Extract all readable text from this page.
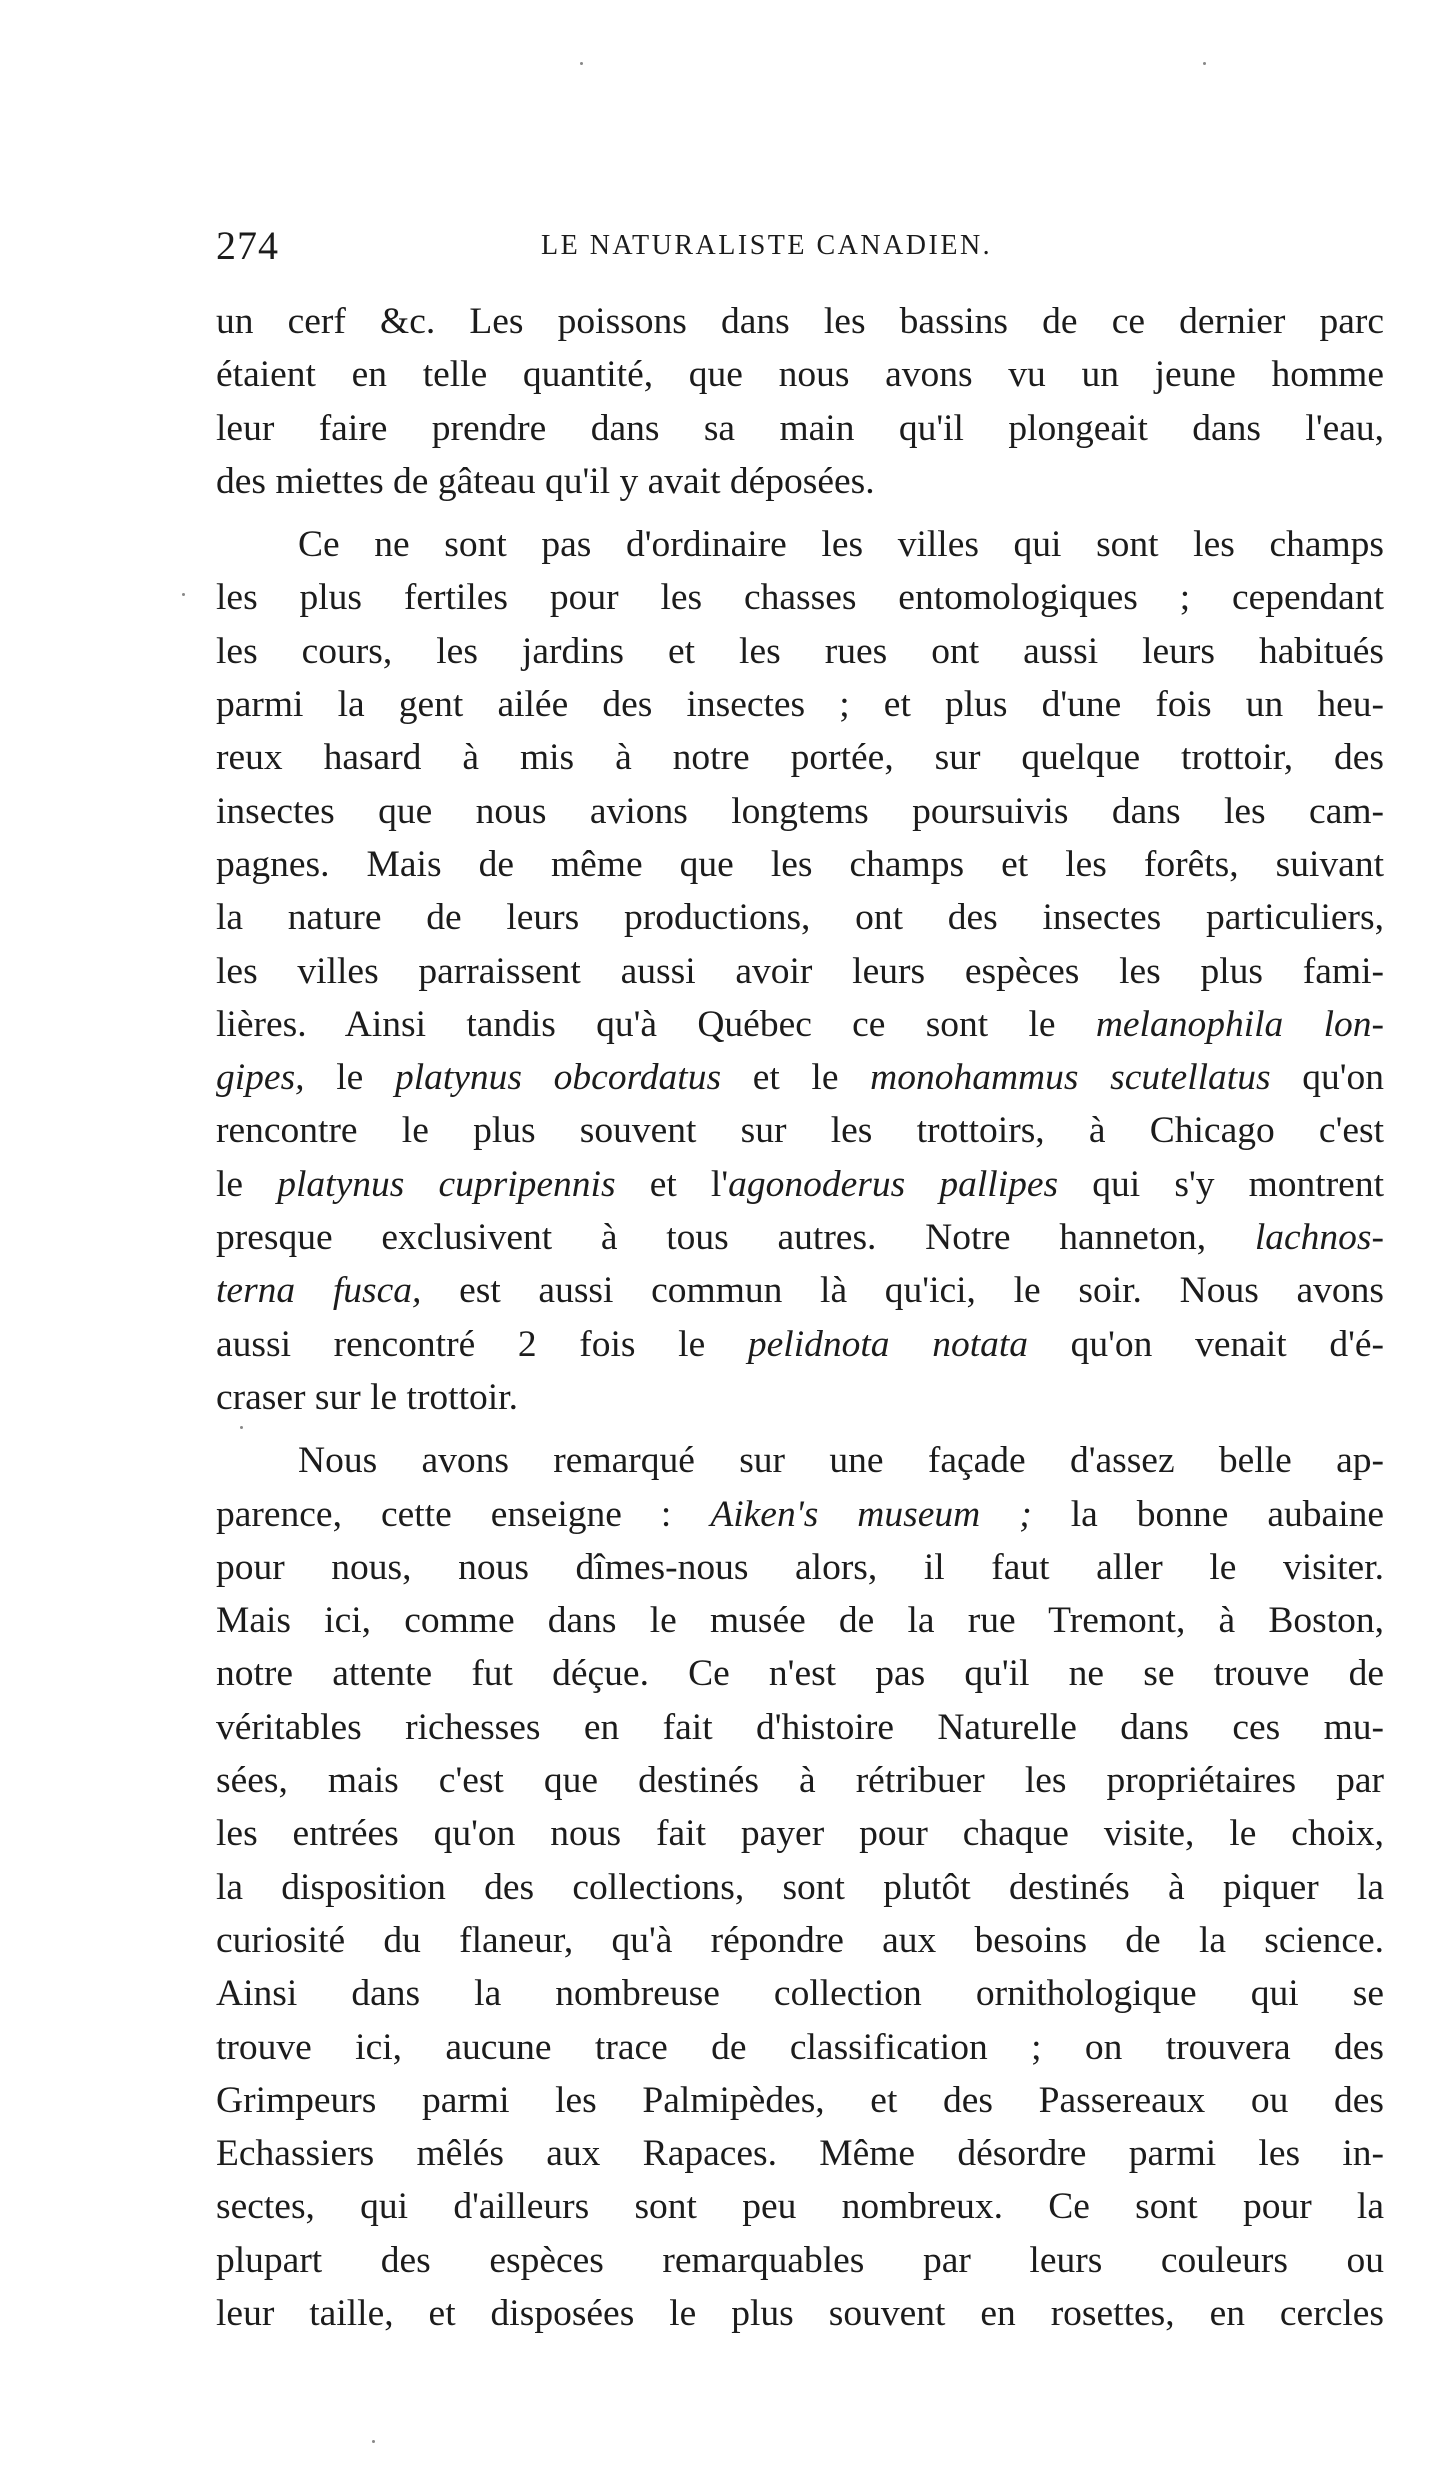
274	LE NATURALISTE CANADIEN.

un cerf &c. Les poissons dans les bassins de ce dernier parc
étaient en telle quantité, que nous avons vu un jeune homme
leur faire prendre dans sa main qu'il plongeait dans l'eau,
des miettes de gâteau qu'il y avait déposées.

Ce ne sont pas d'ordinaire les villes qui sont les champs
les plus fertiles pour les chasses entomologiques ; cependant
les cours, les jardins et les rues ont aussi leurs habitués
parmi la gent ailée des insectes ; et plus d'une fois un heu-
reux hasard à mis à notre portée, sur quelque trottoir, des
insectes que nous avions longtems poursuivis dans les cam-
pagnes. Mais de même que les champs et les forêts, suivant
la nature de leurs productions, ont des insectes particuliers,
les villes parraissent aussi avoir leurs espèces les plus fami-
lières. Ainsi tandis qu'à Québec ce sont le melanophila lon-
gipes, le platynus obcordatus et le monohammus scutellatus qu'on
rencontre le plus souvent sur les trottoirs, à Chicago c'est
le platynus cupripennis et l'agonoderus pallipes qui s'y montrent
presque exclusivent à tous autres. Notre hanneton, lachnos-
terna fusca, est aussi commun là qu'ici, le soir. Nous avons
aussi rencontré 2 fois le pelidnota notata qu'on venait d'é-
craser sur le trottoir.

Nous avons remarqué sur une façade d'assez belle ap-
parence, cette enseigne : Aiken's museum ; la bonne aubaine
pour nous, nous dîmes-nous alors, il faut aller le visiter.
Mais ici, comme dans le musée de la rue Tremont, à Boston,
notre attente fut déçue. Ce n'est pas qu'il ne se trouve de
véritables richesses en fait d'histoire Naturelle dans ces mu-
sées, mais c'est que destinés à rétribuer les propriétaires par
les entrées qu'on nous fait payer pour chaque visite, le choix,
la disposition des collections, sont plutôt destinés à piquer la
curiosité du flaneur, qu'à répondre aux besoins de la science.
Ainsi dans la nombreuse collection ornithologique qui se
trouve ici, aucune trace de classification ; on trouvera des
Grimpeurs parmi les Palmipèdes, et des Passereaux ou des
Echassiers mêlés aux Rapaces. Même désordre parmi les in-
sectes, qui d'ailleurs sont peu nombreux. Ce sont pour la
plupart des espèces remarquables par leurs couleurs ou
leur taille, et disposées le plus souvent en rosettes, en cercles
